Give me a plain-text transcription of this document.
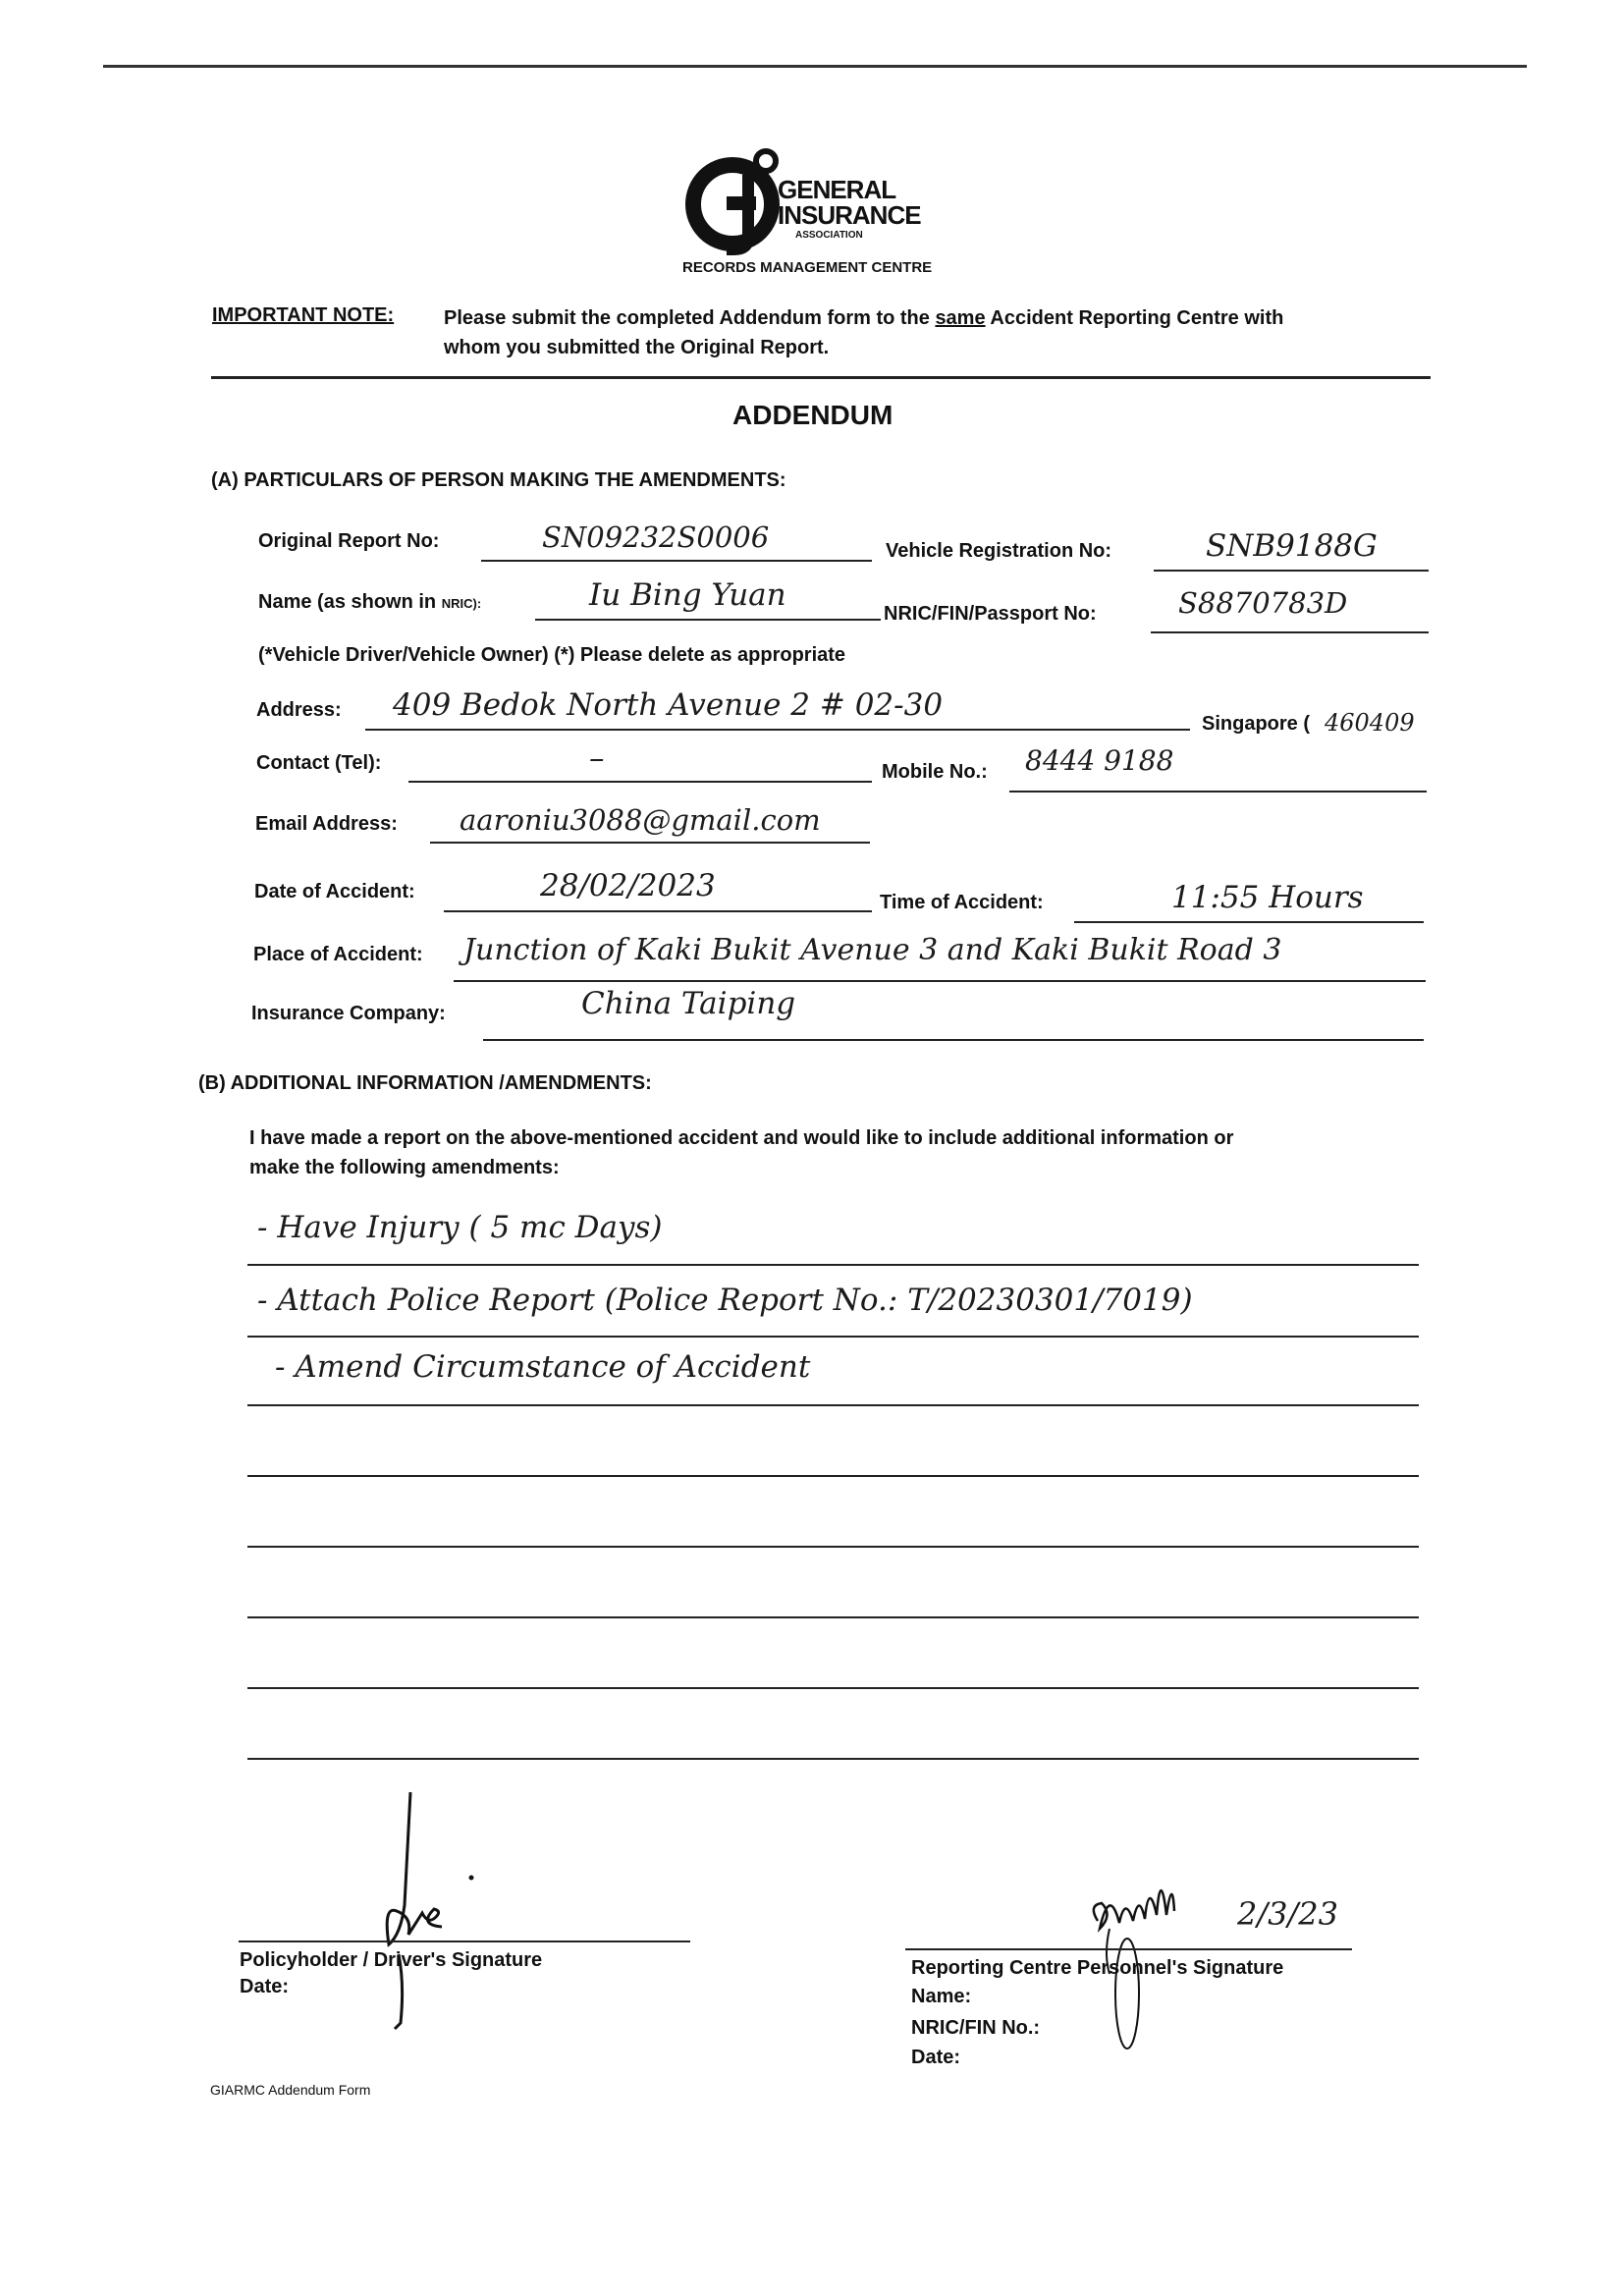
GENERAL
INSURANCE
ASSOCIATION
RECORDS MANAGEMENT CENTRE
IMPORTANT NOTE:	Please submit the completed Addendum form to the same Accident Reporting Centre with
whom you submitted the Original Report.
ADDENDUM
(A) PARTICULARS OF PERSON MAKING THE AMENDMENTS:
Original Report No:	SN09232S0006	Vehicle Registration No:	SNB9188G
Name (as shown in NRIC):	Iu Bing Yuan
NRIC/FIN/Passport No:	S8870783D
(*Vehicle Driver/Vehicle Owner) (*) Please delete as appropriate
Address: 409 Bedok North Avenue 2 # 02-30
Singapore ( 460409
Contact (Tel):	–	Mobile No.: 8444 9188
Email Address: aaroniu3088@gmail.com
Date of Accident:	28/02/2023	Time of Accident:	11:55 Hours
Place of Accident: Junction of Kaki Bukit Avenue 3 and Kaki Bukit Road 3
Insurance Company:	China Taiping
(B) ADDITIONAL INFORMATION /AMENDMENTS:
I have made a report on the above-mentioned accident and would like to include additional information or
make the following amendments:
- Have Injury ( 5 mc Days)
- Attach Police Report (Police Report No.: T/20230301/7019)
- Amend Circumstance of Accident
Policyholder / Driver's Signature
Date:
2/3/23
Reporting Centre Personnel's Signature
Name:
NRIC/FIN No.:
Date:
GIARMC Addendum Form
